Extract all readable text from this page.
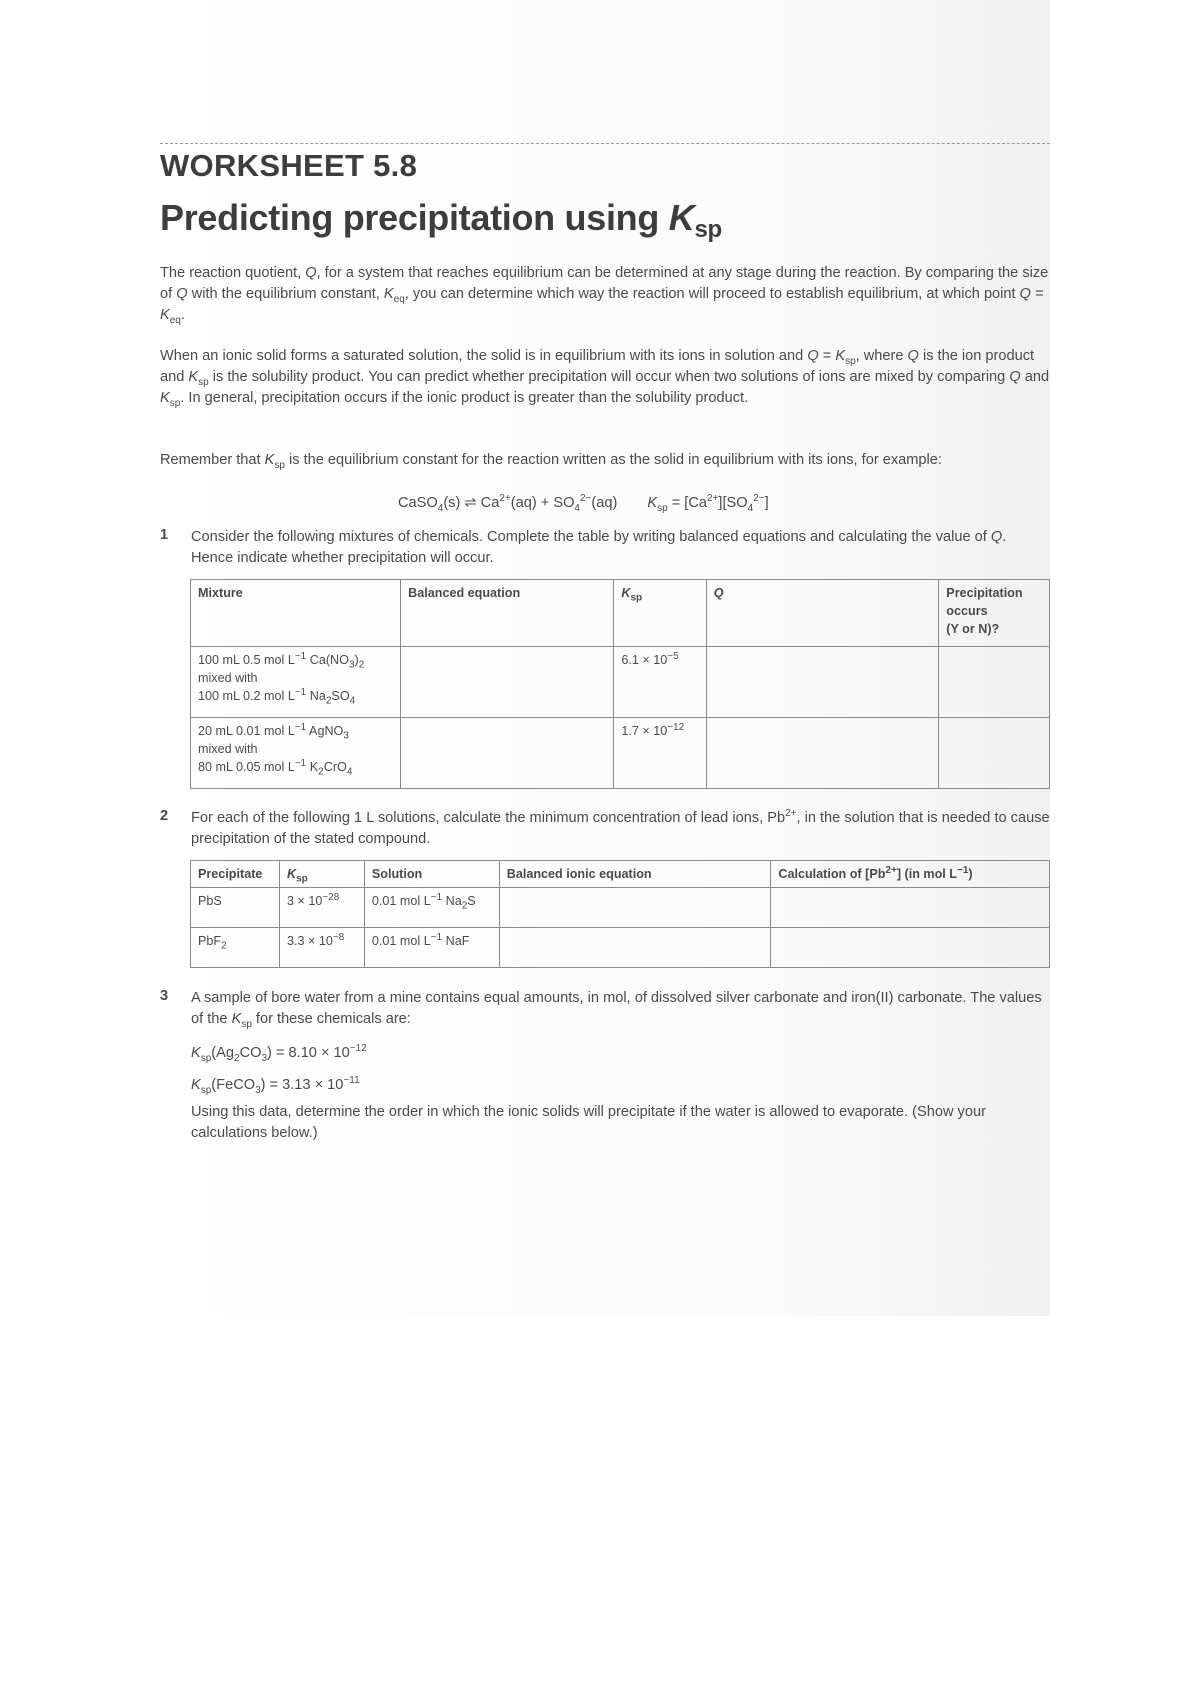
WORKSHEET 5.8
Predicting precipitation using $K_{sp}$
The reaction quotient, Q, for a system that reaches equilibrium can be determined at any stage during the reaction. By comparing the size of Q with the equilibrium constant, $K_{eq}$, you can determine which way the reaction will proceed to establish equilibrium, at which point $Q = K_{eq}$.
When an ionic solid forms a saturated solution, the solid is in equilibrium with its ions in solution and $Q = K_{sp}$, where Q is the ion product and $K_{sp}$ is the solubility product. You can predict whether precipitation will occur when two solutions of ions are mixed by comparing Q and $K_{sp}$. In general, precipitation occurs if the ionic product is greater than the solubility product.
Remember that $K_{sp}$ is the equilibrium constant for the reaction written as the solid in equilibrium with its ions, for example:
CaSO$_4$(s) ⇌ $Ca^{2+}(aq) + SO_4^{2-}(aq) K_{sp} = [Ca^{2+}][SO_4^{2-}]$
1 Consider the following mixtures of chemicals. Complete the table by writing balanced equations and calculating the value of Q. Hence indicate whether precipitation will occur.
Mixture	Balanced equation	$K_{sp}$	Q	Precipitation occurs
(Y or N)?

100 mL 0.5 mol $L^{-1}$ $Ca(NO_3)_2$
mixed with
100 mL 0.2 mol $L^{-1}$ $Na_2SO_4$		$6.1 \times 10^{-5}$		

20 mL 0.01 mol $L^{-1}$ AgNO$_3$
mixed with
80 mL 0.05 mol $L^{-1}$ $K_2CrO_4$		$1.7 \times 10^{-12}$		
2 For each of the following 1 L solutions, calculate the minimum concentration of lead ions, $Pb^{2+}$, in the solution that is needed to cause precipitation of the stated compound.
Precipitate	$K_{sp}$	Solution	Balanced ionic equation	Calculation of $[Pb^{2+}]$ (in mol $L^{-1}$)
PbS	$3 \times 10^{-28}$	0.01 mol $L^{-1}$ $Na_2S$		
PbF$_2$	$3.3 \times 10^{-8}$	0.01 mol $L^{-1}$ NaF		
3 A sample of bore water from a mine contains equal amounts, in mol, of dissolved silver carbonate and iron(II) carbonate. The values of the $K_{sp}$ for these chemicals are:
$K_{sp}(Ag_2CO_3) = 8.10 \times 10^{-12}$
$K_{sp}(FeCO_3) = 3.13 \times 10^{-11}$
Using this data, determine the order in which the ionic solids will precipitate if the water is allowed to evaporate. (Show your calculations below.)
